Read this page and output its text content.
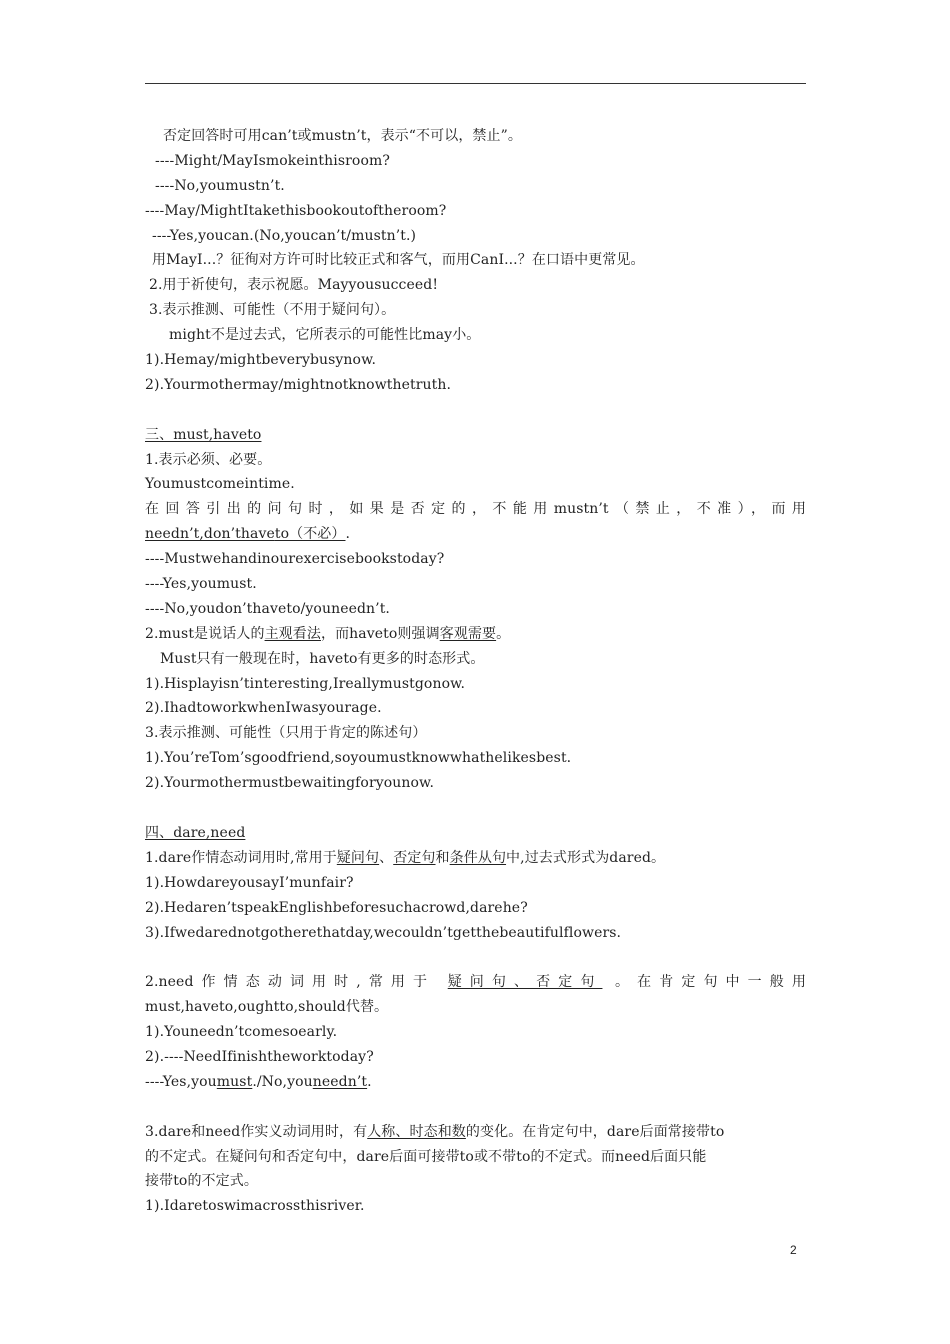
否定回答时可用can’t或mustn’t，表示“不可以，禁止”。
----Might/MayIsmokeinthisroom?
----No,youmustn’t.
----May/MightItakethisbookoutoftheroom?
----Yes,youcan.(No,youcan’t/mustn’t.)
用MayI...？征徇对方许可时比较正式和客气，而用CanI...？在口语中更常见。
2.用于祈使句，表示祝愿。Mayyousucceed!
3.表示推测、可能性（不用于疑问句）。
might不是过去式，它所表示的可能性比may小。
1).Hemay/mightbeverybusynow.
2).Yourmothermay/mightnotknowthetruth.
三、must,haveto
1.表示必须、必要。
Youmustcomeintime.
在回答引出的问句时，如果是否定的，不能用mustn’t（禁止，不准），而用
needn’t,don’thaveto（不必）.
----Mustwehandinourexercisebookstoday?
----Yes,youmust.
----No,youdon’thaveto/youneedn’t.
2.must是说话人的主观看法，而haveto则强调客观需要。
Must只有一般现在时，haveto有更多的时态形式。
1).Hisplayisn’tinteresting,Ireallymustgonow.
2).IhadtoworkwhenIwasyourage.
3.表示推测、可能性（只用于肯定的陈述句）
1).You’reTom’sgoodfriend,soyoumustknowwhathelikesbest.
2).Yourmothermustbewaitingforyounow.
四、dare,need
1.dare作情态动词用时,常用于疑问句、否定句和条件从句中,过去式形式为dared。
1).HowdareyousayI’munfair?
2).Hedaren’tspeakEnglishbeforesuchacrowd,darehe?
3).Ifwedarednotgotherethatday,wecouldn’tgetthebeautifulflowers.
2.need作情态动词用时,常用于 疑问句、否定句 。在肯定句中一般用
must,haveto,oughtto,should代替。
1).Youneedn’tcomesoearly.
2).----NeedIfinishtheworktoday?
----Yes,youmust./No,youneedn’t.
3.dare和need作实义动词用时，有人称、时态和数的变化。在肯定句中，dare后面常接带to
的不定式。在疑问句和否定句中，dare后面可接带to或不带to的不定式。而need后面只能
接带to的不定式。
1).Idaretoswimacrossthisriver.
2
